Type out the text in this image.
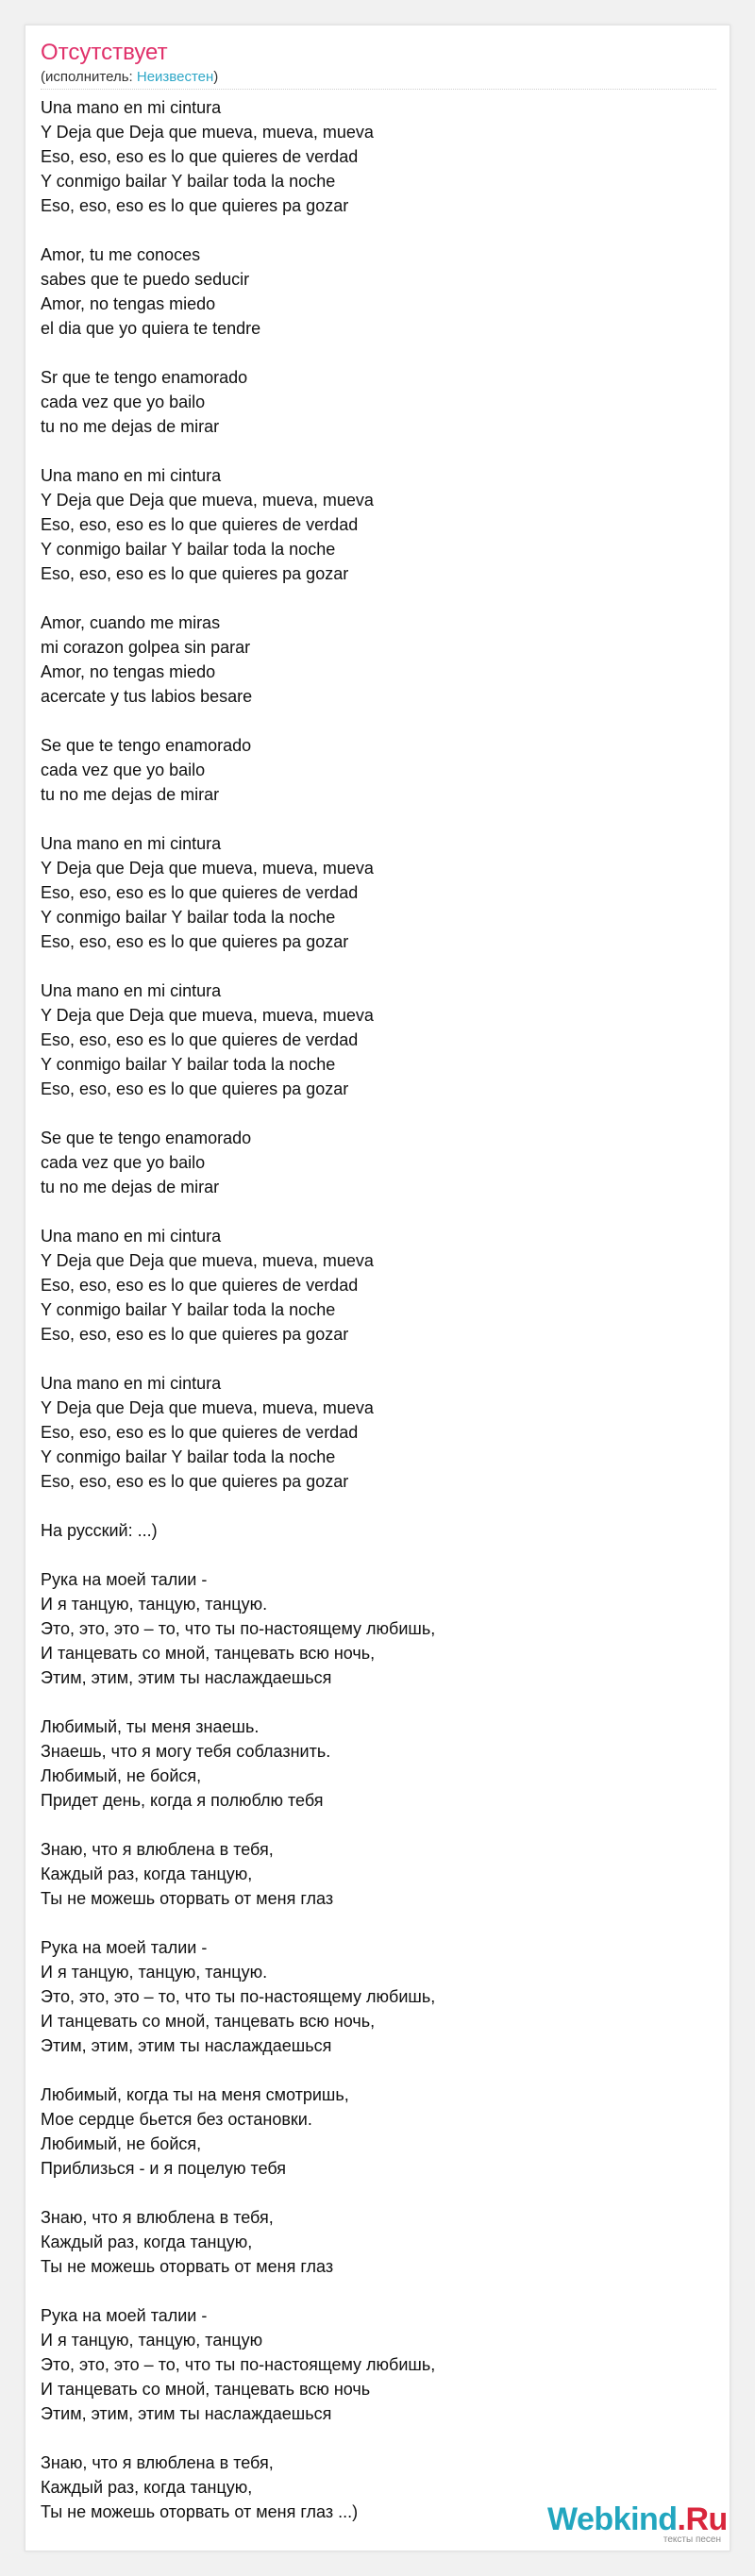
Отсутствует
(исполнитель: Неизвестен)
Una mano en mi cintura
Y Deja que Deja que mueva, mueva, mueva
Eso, eso, eso es lo que quieres de verdad
Y conmigo bailar Y bailar toda la noche
Eso, eso, eso es lo que quieres pa gozar

Amor, tu me conoces
sabes que te puedo seducir
Amor, no tengas miedo
el dia que yo quiera te tendre

Sr que te tengo enamorado
cada vez que yo bailo
tu no me dejas de mirar

Una mano en mi cintura
Y Deja que Deja que mueva, mueva, mueva
Eso, eso, eso es lo que quieres de verdad
Y conmigo bailar Y bailar toda la noche
Eso, eso, eso es lo que quieres pa gozar

Amor, cuando me miras
mi corazon golpea sin parar
Amor, no tengas miedo
acercate y tus labios besare

Se que te tengo enamorado
cada vez que yo bailo
tu no me dejas de mirar

Una mano en mi cintura
Y Deja que Deja que mueva, mueva, mueva
Eso, eso, eso es lo que quieres de verdad
Y conmigo bailar Y bailar toda la noche
Eso, eso, eso es lo que quieres pa gozar

Una mano en mi cintura
Y Deja que Deja que mueva, mueva, mueva
Eso, eso, eso es lo que quieres de verdad
Y conmigo bailar Y bailar toda la noche
Eso, eso, eso es lo que quieres pa gozar

Se que te tengo enamorado
cada vez que yo bailo
tu no me dejas de mirar

Una mano en mi cintura
Y Deja que Deja que mueva, mueva, mueva
Eso, eso, eso es lo que quieres de verdad
Y conmigo bailar Y bailar toda la noche
Eso, eso, eso es lo que quieres pa gozar

Una mano en mi cintura
Y Deja que Deja que mueva, mueva, mueva
Eso, eso, eso es lo que quieres de verdad
Y conmigo bailar Y bailar toda la noche
Eso, eso, eso es lo que quieres pa gozar

На русский: ...)

Рука на моей талии -
И я танцую, танцую, танцую.
Это, это, это – то, что ты по-настоящему любишь,
И танцевать со мной, танцевать всю ночь,
Этим, этим, этим ты наслаждаешься

Любимый, ты меня знаешь.
Знаешь, что я могу тебя соблазнить.
Любимый, не бойся,
Придет день, когда я полюблю тебя

Знаю, что я влюблена в тебя,
Каждый раз, когда танцую,
Ты не можешь оторвать от меня глаз

Рука на моей талии -
И я танцую, танцую, танцую.
Это, это, это – то, что ты по-настоящему любишь,
И танцевать со мной, танцевать всю ночь,
Этим, этим, этим ты наслаждаешься

Любимый, когда ты на меня смотришь,
Мое сердце бьется без остановки.
Любимый, не бойся,
Приблизься - и я поцелую тебя

Знаю, что я влюблена в тебя,
Каждый раз, когда танцую,
Ты не можешь оторвать от меня глаз

Рука на моей талии -
И я танцую, танцую, танцую
Это, это, это – то, что ты по-настоящему любишь,
И танцевать со мной, танцевать всю ночь
Этим, этим, этим ты наслаждаешься

Знаю, что я влюблена в тебя,
Каждый раз, когда танцую,
Ты не можешь оторвать от меня глаз ...)	Webkind.Ru
тексты песен
